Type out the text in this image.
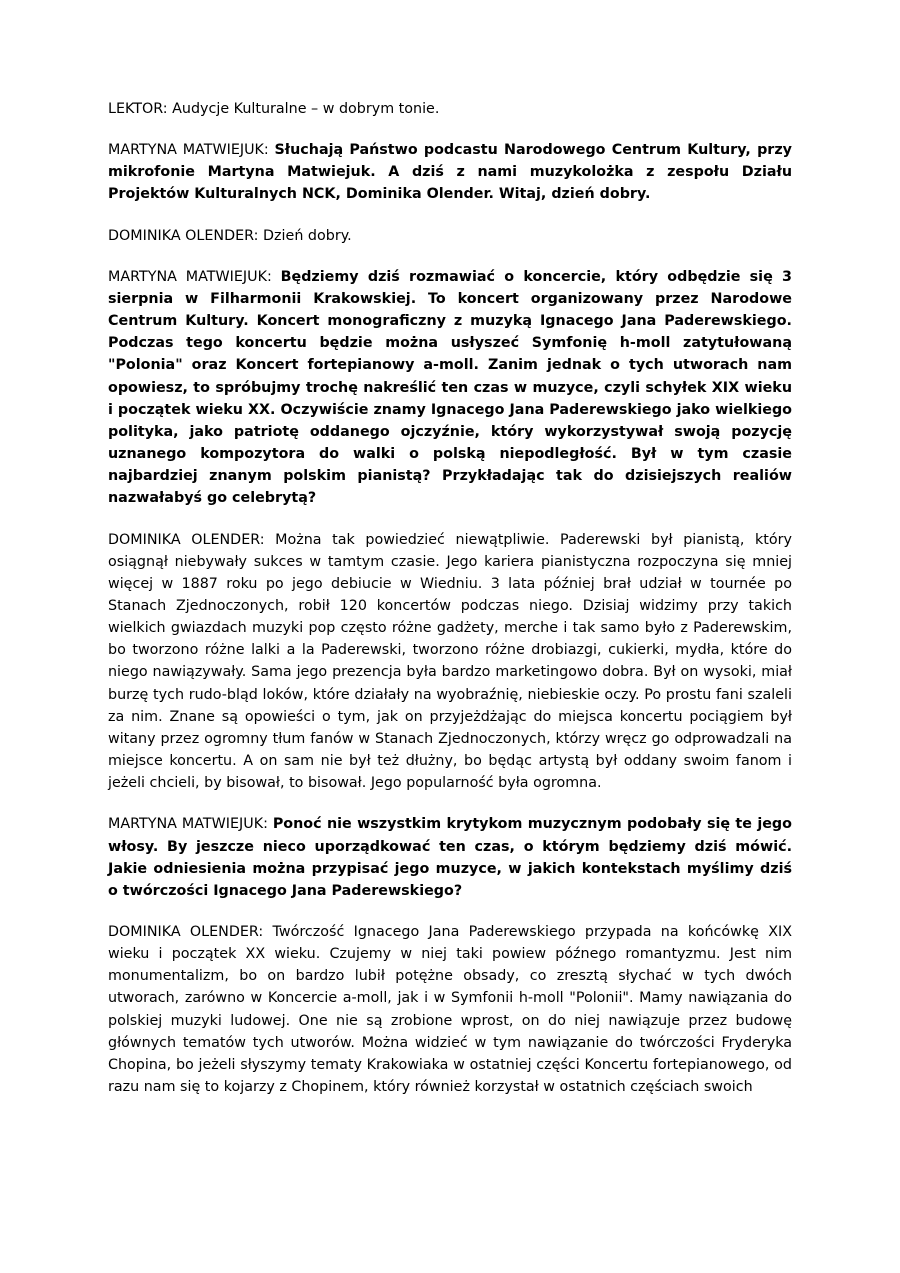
LEKTOR: Audycje Kulturalne – w dobrym tonie.

MARTYNA MATWIEJUK: Słuchają Państwo podcastu Narodowego Centrum Kultury, przy mikrofonie Martyna Matwiejuk. A dziś z nami muzykolożka z zespołu Działu Projektów Kulturalnych NCK, Dominika Olender. Witaj, dzień dobry.

DOMINIKA OLENDER: Dzień dobry.

MARTYNA MATWIEJUK: Będziemy dziś rozmawiać o koncercie, który odbędzie się 3 sierpnia w Filharmonii Krakowskiej. To koncert organizowany przez Narodowe Centrum Kultury. Koncert monograficzny z muzyką Ignacego Jana Paderewskiego. Podczas tego koncertu będzie można usłyszeć Symfonię h-moll zatytułowaną "Polonia" oraz Koncert fortepianowy a-moll. Zanim jednak o tych utworach nam opowiesz, to spróbujmy trochę nakreślić ten czas w muzyce, czyli schyłek XIX wieku i początek wieku XX. Oczywiście znamy Ignacego Jana Paderewskiego jako wielkiego polityka, jako patriotę oddanego ojczyźnie, który wykorzystywał swoją pozycję uznanego kompozytora do walki o polską niepodległość. Był w tym czasie najbardziej znanym polskim pianistą? Przykładając tak do dzisiejszych realiów nazwałabyś go celebrytą?

DOMINIKA OLENDER: Można tak powiedzieć niewątpliwie. Paderewski był pianistą, który osiągnął niebywały sukces w tamtym czasie. Jego kariera pianistyczna rozpoczyna się mniej więcej w 1887 roku po jego debiucie w Wiedniu. 3 lata później brał udział w tournée po Stanach Zjednoczonych, robił 120 koncertów podczas niego. Dzisiaj widzimy przy takich wielkich gwiazdach muzyki pop często różne gadżety, merche i tak samo było z Paderewskim, bo tworzono różne lalki a la Paderewski, tworzono różne drobiazgi, cukierki, mydła, które do niego nawiązywały. Sama jego prezencja była bardzo marketingowo dobra. Był on wysoki, miał burzę tych rudo-bląd loków, które działały na wyobraźnię, niebieskie oczy. Po prostu fani szaleli za nim. Znane są opowieści o tym, jak on przyjeżdżając do miejsca koncertu pociągiem był witany przez ogromny tłum fanów w Stanach Zjednoczonych, którzy wręcz go odprowadzali na miejsce koncertu. A on sam nie był też dłużny, bo będąc artystą był oddany swoim fanom i jeżeli chcieli, by bisował, to bisował. Jego popularność była ogromna.

MARTYNA MATWIEJUK: Ponoć nie wszystkim krytykom muzycznym podobały się te jego włosy. By jeszcze nieco uporządkować ten czas, o którym będziemy dziś mówić. Jakie odniesienia można przypisać jego muzyce, w jakich kontekstach myślimy dziś o twórczości Ignacego Jana Paderewskiego?

DOMINIKA OLENDER: Twórczość Ignacego Jana Paderewskiego przypada na końcówkę XIX wieku i początek XX wieku. Czujemy w niej taki powiew późnego romantyzmu. Jest nim monumentalizm, bo on bardzo lubił potężne obsady, co zresztą słychać w tych dwóch utworach, zarówno w Koncercie a-moll, jak i w Symfonii h-moll "Polonii". Mamy nawiązania do polskiej muzyki ludowej. One nie są zrobione wprost, on do niej nawiązuje przez budowę głównych tematów tych utworów. Można widzieć w tym nawiązanie do twórczości Fryderyka Chopina, bo jeżeli słyszymy tematy Krakowiaka w ostatniej części Koncertu fortepianowego, od razu nam się to kojarzy z Chopinem, który również korzystał w ostatnich częściach swoich
